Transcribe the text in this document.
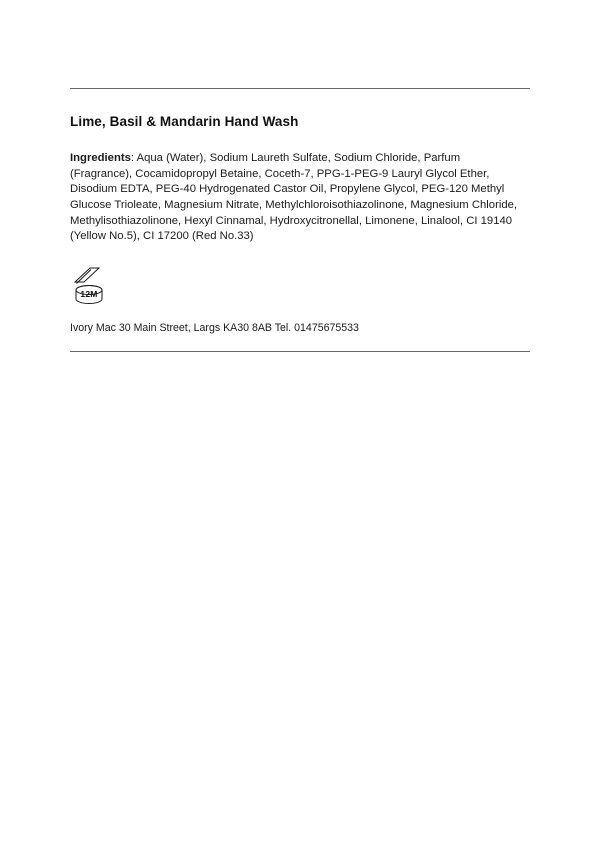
Lime, Basil & Mandarin Hand Wash

Ingredients: Aqua (Water), Sodium Laureth Sulfate, Sodium Chloride, Parfum (Fragrance), Cocamidopropyl Betaine, Coceth-7, PPG-1-PEG-9 Lauryl Glycol Ether, Disodium EDTA, PEG-40 Hydrogenated Castor Oil, Propylene Glycol, PEG-120 Methyl Glucose Trioleate, Magnesium Nitrate, Methylchloroisothiazolinone, Magnesium Chloride, Methylisothiazolinone, Hexyl Cinnamal, Hydroxycitronellal, Limonene, Linalool, CI 19140 (Yellow No.5), CI 17200 (Red No.33)

12M

Ivory Mac 30 Main Street, Largs KA30 8AB Tel. 01475675533
